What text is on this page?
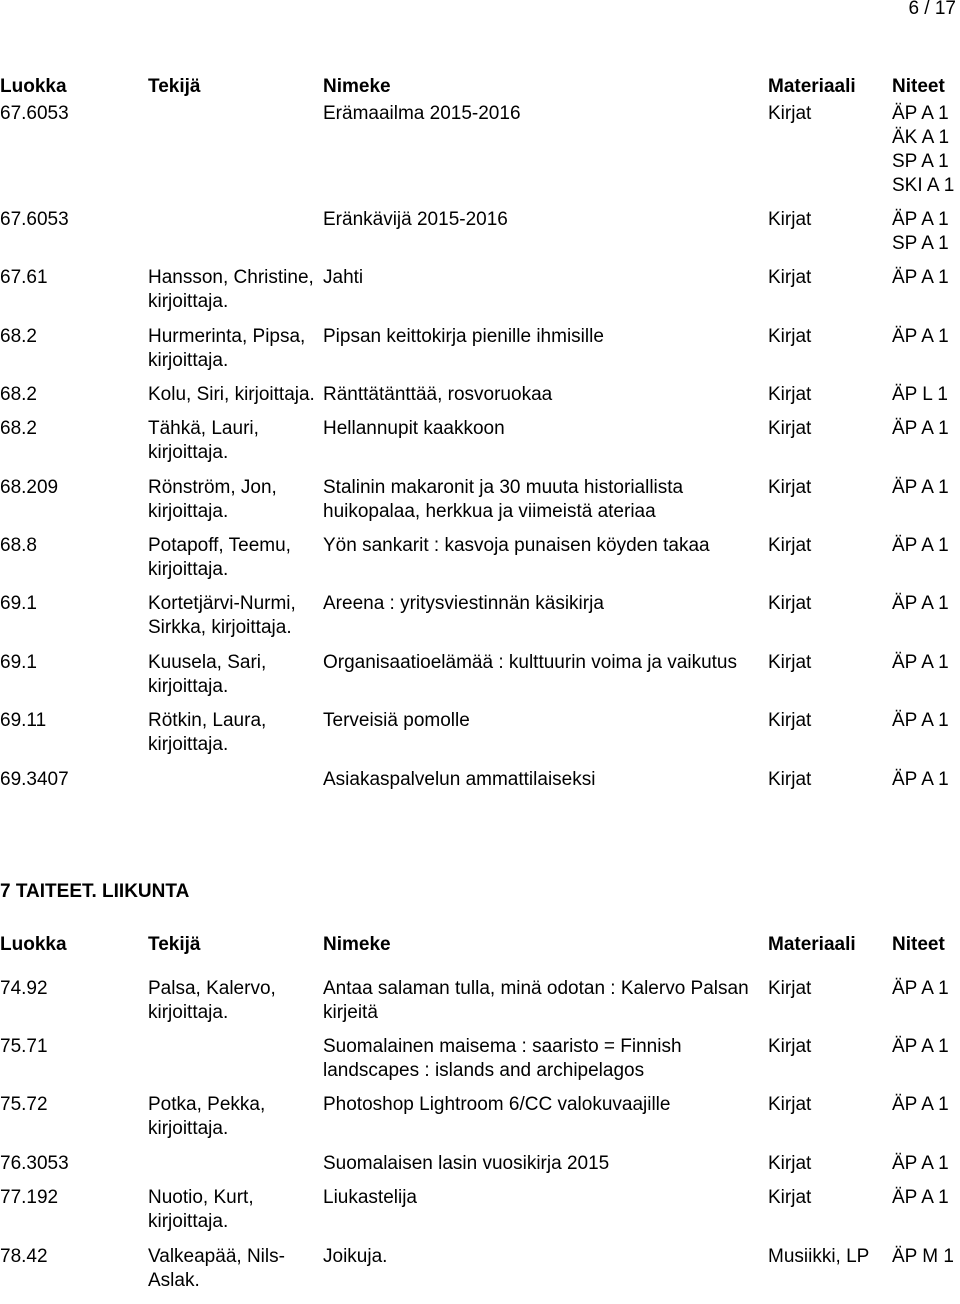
6 / 17
Luokka	Tekijä	Nimeke	Materiaali	Niteet
67.6053		Erämaailma 2015-2016	Kirjat	ÄP A 1
ÄK A 1
SP A 1
SKI A 1

67.6053		Eränkävijä 2015-2016	Kirjat	ÄP A 1
SP A 1

67.61	Hansson, Christine, kirjoittaja.	Jahti	Kirjat	ÄP A 1

68.2	Hurmerinta, Pipsa, kirjoittaja.	Pipsan keittokirja pienille ihmisille	Kirjat	ÄP A 1

68.2	Kolu, Siri, kirjoittaja.	Ränttätänttää, rosvoruokaa	Kirjat	ÄP L 1

68.2	Tähkä, Lauri, kirjoittaja.	Hellannupit kaakkoon	Kirjat	ÄP A 1

68.209	Rönström, Jon, kirjoittaja.	Stalinin makaronit ja 30 muuta historiallista huikopalaa, herkkua ja viimeistä ateriaa	Kirjat	ÄP A 1

68.8	Potapoff, Teemu, kirjoittaja.	Yön sankarit : kasvoja punaisen köyden takaa	Kirjat	ÄP A 1

69.1	Kortetjärvi-Nurmi, Sirkka, kirjoittaja.	Areena : yritysviestinnän käsikirja	Kirjat	ÄP A 1

69.1	Kuusela, Sari, kirjoittaja.	Organisaatioelämää : kulttuurin voima ja vaikutus	Kirjat	ÄP A 1

69.11	Rötkin, Laura, kirjoittaja.	Terveisiä pomolle	Kirjat	ÄP A 1

69.3407		Asiakaspalvelun ammattilaiseksi	Kirjat	ÄP A 1
7 TAITEET. LIIKUNTA
Luokka	Tekijä	Nimeke	Materiaali	Niteet
74.92	Palsa, Kalervo, kirjoittaja.	Antaa salaman tulla, minä odotan : Kalervo Palsan kirjeitä	Kirjat	ÄP A 1

75.71		Suomalainen maisema : saaristo = Finnish landscapes : islands and archipelagos	Kirjat	ÄP A 1

75.72	Potka, Pekka, kirjoittaja.	Photoshop Lightroom 6/CC valokuvaajille	Kirjat	ÄP A 1

76.3053		Suomalaisen lasin vuosikirja 2015	Kirjat	ÄP A 1

77.192	Nuotio, Kurt, kirjoittaja.	Liukastelija	Kirjat	ÄP A 1

78.42	Valkeapää, Nils-Aslak.	Joikuja.	Musiikki, LP	ÄP M 1
